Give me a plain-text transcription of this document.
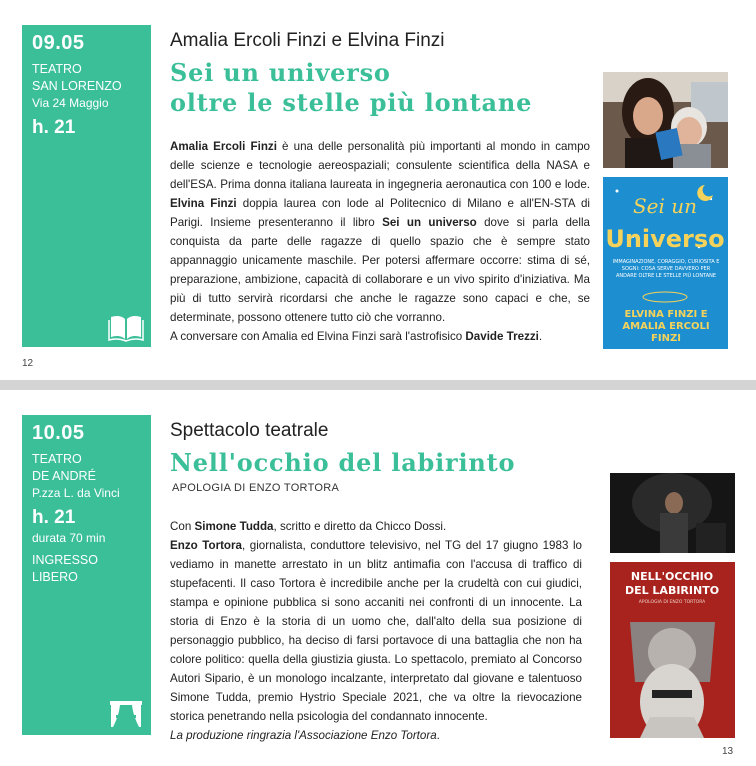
09.05
TEATRO
SAN LORENZO
Via 24 Maggio
h. 21
Amalia Ercoli Finzi e Elvina Finzi
Sei un universo
oltre le stelle più lontane

Amalia Ercoli Finzi è una delle personalità più importanti al mondo in campo delle scienze e tecnologie aereospaziali; consulente scientifica della NASA e dell'ESA. Prima donna italiana laureata in ingegneria aeronautica con 100 e lode. Elvina Finzi doppia laurea con lode al Politecnico di Milano e all'EN-STA di Parigi. Insieme presenteranno il libro Sei un universo dove si parla della conquista da parte delle ragazze di quello spazio che è sempre stato appannaggio unicamente maschile. Per potersi affermare occorre: stima di sé, preparazione, ambizione, capacità di collaborare e un vivo spirito d'iniziativa. Ma più di tutto servirà ricordarsi che anche le ragazze sono capaci e che, se determinate, possono ottenere tutto ciò che vorranno.
A conversare con Amalia ed Elvina Finzi sarà l'astrofisico Davide Trezzi.

Sei un
Universo
IMMAGINAZIONE, CORAGGIO, CURIOSITÀ E SOGNI: COSA SERVE DAVVERO PER ANDARE OLTRE LE STELLE PIÙ LONTANE
ELVINA FINZI E AMALIA ERCOLI FINZI
12
10.05
TEATRO
DE ANDRÉ
P.zza L. da Vinci
h. 21
durata 70 min
INGRESSO
LIBERO
Spettacolo teatrale
Nell'occhio del labirinto
APOLOGIA DI ENZO TORTORA

Con Simone Tudda, scritto e diretto da Chicco Dossi.
Enzo Tortora, giornalista, conduttore televisivo, nel TG del 17 giugno 1983 lo vediamo in manette arrestato in un blitz antimafia con l'accusa di traffico di stupefacenti. Il caso Tortora è incredibile anche per la crudeltà con cui giudici, stampa e opinione pubblica si sono accaniti nei confronti di un innocente. La storia di Enzo è la storia di un uomo che, dall'alto della sua posizione di personaggio pubblico, ha deciso di farsi portavoce di una battaglia che non ha colore politico: quella della giustizia giusta. Lo spettacolo, premiato al Concorso Autori Sipario, è un monologo incalzante, interpretato dal giovane e talentuoso Simone Tudda, premio Hystrio Speciale 2021, che va oltre la rievocazione storica penetrando nella psicologia del condannato innocente.
La produzione ringrazia l'Associazione Enzo Tortora.

NELL'OCCHIO
DEL LABIRINTO
APOLOGIA DI ENZO TORTORA
13
